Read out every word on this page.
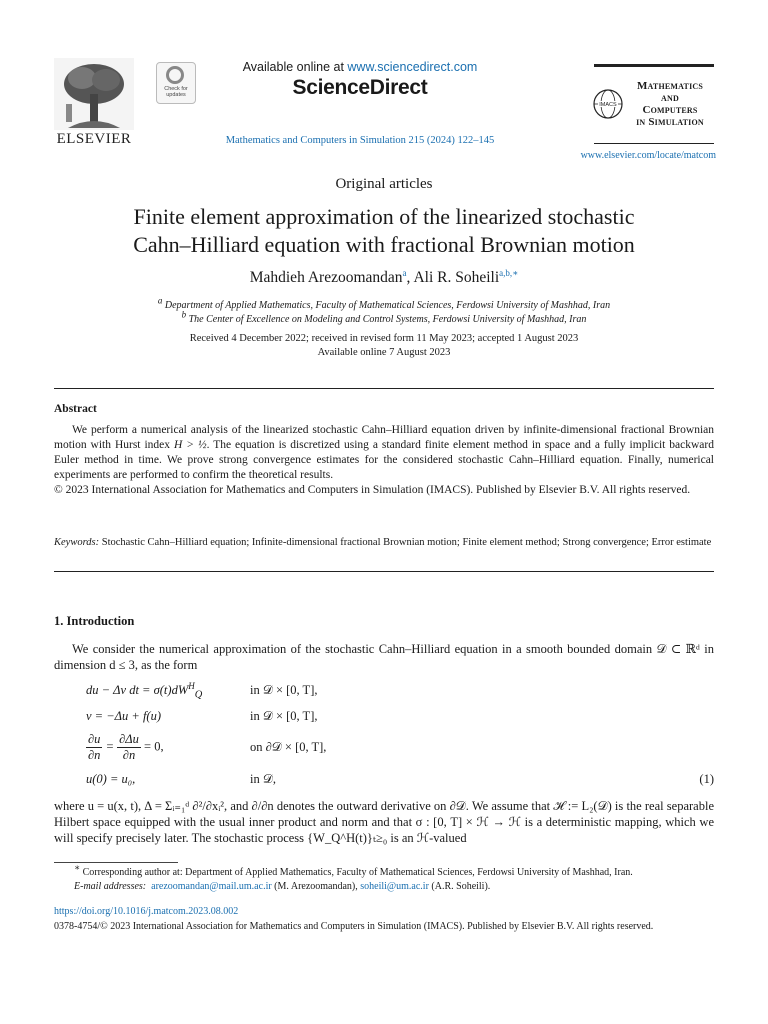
ELSEVIER
Check for updates
Available online at www.sciencedirect.com
ScienceDirect
Mathematics and Computers in Simulation 215 (2024) 122–145
IMACS
Mathematics
and
Computers
in Simulation
www.elsevier.com/locate/matcom
Original articles
Finite element approximation of the linearized stochastic
Cahn–Hilliard equation with fractional Brownian motion
Mahdieh Arezoomandan$^a$, Ali R. Soheili$^{a,b,∗}$
$^a$ Department of Applied Mathematics, Faculty of Mathematical Sciences, Ferdowsi University of Mashhad, Iran
$^b$ The Center of Excellence on Modeling and Control Systems, Ferdowsi University of Mashhad, Iran
Received 4 December 2022; received in revised form 11 May 2023; accepted 1 August 2023
Available online 7 August 2023
Abstract

We perform a numerical analysis of the linearized stochastic Cahn–Hilliard equation driven by infinite-dimensional fractional Brownian motion with Hurst index H > ½. The equation is discretized using a standard finite element method in space and a fully implicit backward Euler method in time. We prove strong convergence estimates for the considered stochastic Cahn–Hilliard equation. Finally, numerical experiments are performed to confirm the theoretical results.

© 2023 International Association for Mathematics and Computers in Simulation (IMACS). Published by Elsevier B.V. All rights reserved.

Keywords: Stochastic Cahn–Hilliard equation; Infinite-dimensional fractional Brownian motion; Finite element method; Strong convergence; Error estimate
1. Introduction
We consider the numerical approximation of the stochastic Cahn–Hilliard equation in a smooth bounded domain 𝒟 ⊂ ℝᵈ in dimension d ≤ 3, as the form
du − Δv dt = $\sigma(t)dW^H_Q$	in 𝒟 × [0, T],
v = −Δu + f(u)	in 𝒟 × [0, T],
$\frac{\partial u}{\partial n} = \frac{\partial\Delta u}{\partial n} = 0$,	on ∂𝒟 × [0, T],
u(0) = u₀,	in 𝒟,	(1)
where u = u(x, t), Δ = Σᵢ₌₁ᵈ ∂²/∂xᵢ², and ∂/∂n denotes the outward derivative on ∂𝒟. We assume that ℋ := L₂(𝒟) is the real separable Hilbert space equipped with the usual inner product and norm and that σ : [0, T] × ℋ → ℋ is a deterministic mapping, which we will specify precisely later. The stochastic process {W_Q^H(t)}ₜ≥₀ is an ℋ-valued
∗ Corresponding author at: Department of Applied Mathematics, Faculty of Mathematical Sciences, Ferdowsi University of Mashhad, Iran.
E-mail addresses: arezoomandan@mail.um.ac.ir (M. Arezoomandan), soheili@um.ac.ir (A.R. Soheili).
https://doi.org/10.1016/j.matcom.2023.08.002
0378-4754/© 2023 International Association for Mathematics and Computers in Simulation (IMACS). Published by Elsevier B.V. All rights reserved.
